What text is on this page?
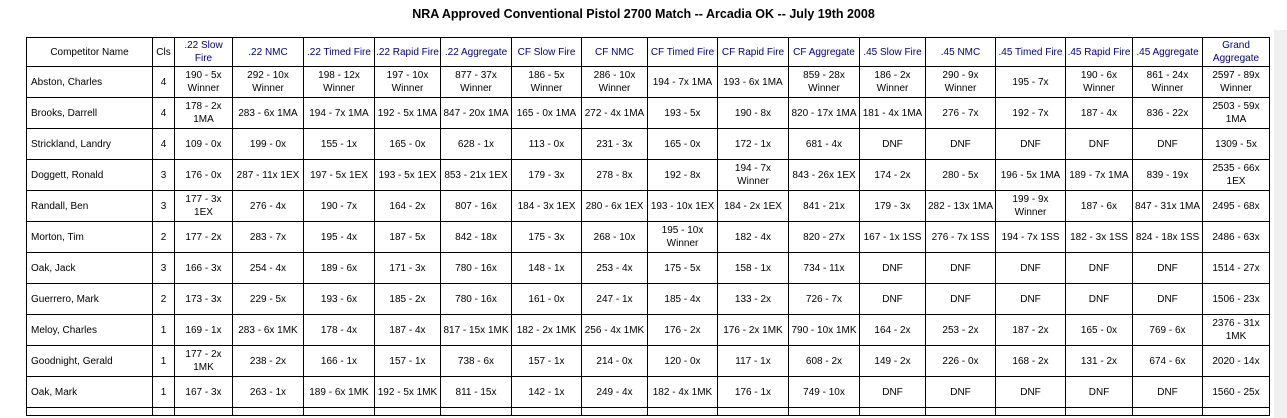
NRA Approved Conventional Pistol 2700 Match -- Arcadia OK -- July 19th 2008
Competitor Name	Cls	.22 Slow Fire	.22 NMC	.22 Timed Fire	.22 Rapid Fire	.22 Aggregate	CF Slow Fire	CF NMC	CF Timed Fire	CF Rapid Fire	CF Aggregate	.45 Slow Fire	.45 NMC	.45 Timed Fire	.45 Rapid Fire	.45 Aggregate	Grand Aggregate
Abston, Charles	4	190 - 5x Winner	292 - 10x Winner	198 - 12x Winner	197 - 10x Winner	877 - 37x Winner	186 - 5x Winner	286 - 10x Winner	194 - 7x 1MA	193 - 6x 1MA	859 - 28x Winner	186 - 2x Winner	290 - 9x Winner	195 - 7x	190 - 6x Winner	861 - 24x Winner	2597 - 89x Winner
Brooks, Darrell	4	178 - 2x 1MA	283 - 6x 1MA	194 - 7x 1MA	192 - 5x 1MA	847 - 20x 1MA	165 - 0x 1MA	272 - 4x 1MA	193 - 5x	190 - 8x	820 - 17x 1MA	181 - 4x 1MA	276 - 7x	192 - 7x	187 - 4x	836 - 22x	2503 - 59x 1MA
Strickland, Landry	4	109 - 0x	199 - 0x	155 - 1x	165 - 0x	628 - 1x	113 - 0x	231 - 3x	165 - 0x	172 - 1x	681 - 4x	DNF	DNF	DNF	DNF	DNF	1309 - 5x
Doggett, Ronald	3	176 - 0x	287 - 11x 1EX	197 - 5x 1EX	193 - 5x 1EX	853 - 21x 1EX	179 - 3x	278 - 8x	192 - 8x	194 - 7x Winner	843 - 26x 1EX	174 - 2x	280 - 5x	196 - 5x 1MA	189 - 7x 1MA	839 - 19x	2535 - 66x 1EX
Randall, Ben	3	177 - 3x 1EX	276 - 4x	190 - 7x	164 - 2x	807 - 16x	184 - 3x 1EX	280 - 6x 1EX	193 - 10x 1EX	184 - 2x 1EX	841 - 21x	179 - 3x	282 - 13x 1MA	199 - 9x Winner	187 - 6x	847 - 31x 1MA	2495 - 68x
Morton, Tim	2	177 - 2x	283 - 7x	195 - 4x	187 - 5x	842 - 18x	175 - 3x	268 - 10x	195 - 10x Winner	182 - 4x	820 - 27x	167 - 1x 1SS	276 - 7x 1SS	194 - 7x 1SS	182 - 3x 1SS	824 - 18x 1SS	2486 - 63x
Oak, Jack	3	166 - 3x	254 - 4x	189 - 6x	171 - 3x	780 - 16x	148 - 1x	253 - 4x	175 - 5x	158 - 1x	734 - 11x	DNF	DNF	DNF	DNF	DNF	1514 - 27x
Guerrero, Mark	2	173 - 3x	229 - 5x	193 - 6x	185 - 2x	780 - 16x	161 - 0x	247 - 1x	185 - 4x	133 - 2x	726 - 7x	DNF	DNF	DNF	DNF	DNF	1506 - 23x
Meloy, Charles	1	169 - 1x	283 - 6x 1MK	178 - 4x	187 - 4x	817 - 15x 1MK	182 - 2x 1MK	256 - 4x 1MK	176 - 2x	176 - 2x 1MK	790 - 10x 1MK	164 - 2x	253 - 2x	187 - 2x	165 - 0x	769 - 6x	2376 - 31x 1MK
Goodnight, Gerald	1	177 - 2x 1MK	238 - 2x	166 - 1x	157 - 1x	738 - 6x	157 - 1x	214 - 0x	120 - 0x	117 - 1x	608 - 2x	149 - 2x	226 - 0x	168 - 2x	131 - 2x	674 - 6x	2020 - 14x
Oak, Mark	1	167 - 3x	263 - 1x	189 - 6x 1MK	192 - 5x 1MK	811 - 15x	142 - 1x	249 - 4x	182 - 4x 1MK	176 - 1x	749 - 10x	DNF	DNF	DNF	DNF	DNF	1560 - 25x
